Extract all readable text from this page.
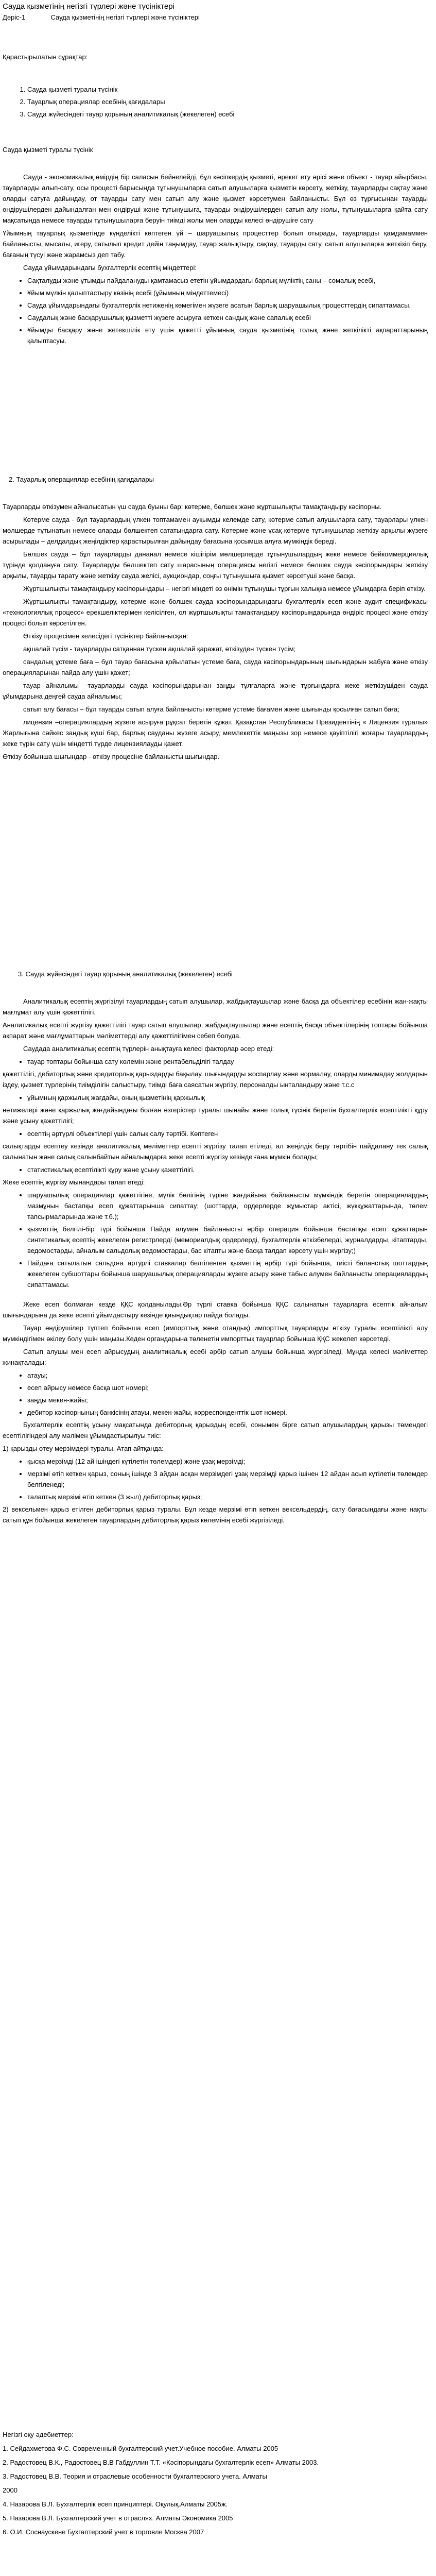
Сауда қызметінің негізгі түрлері және түсініктері
Дәріс-1	Сауда қызметінің негізгі түрлері және түсініктері

Қарастырылатын сұрақтар:

1. Сауда қызметі туралы түсінік
2. Тауарлық операциялар есебінің қағидалары
3. Сауда жүйесіндегі тауар қорының аналитикалық (жекелеген) есебі

Сауда қызметі туралы түсінік

Сауда - экономикалық өмірдің бір саласын бейнелейді, бұл кәсіпкердің қызметі, әрекет ету әрісі және объект - тауар айырбасы, тауарларды алып-сату, осы процесті барысында тұтынушыларға сатып алушыларға қызметін көрсету, жеткізу, тауарларды сақтау және оларды сатуға дайындау, от тауарды сату мен сатып алу және қызмет көрсетумен байланысты. Бұл өз тұрғысынан тауарды өндірушілерден дайындалған мен өндіруші және тұтынушыға, тауарды өндірушілерден сатып алу жолы, тұтынушыларға қайта сату мақсатында немесе тауарды тұтынушыларға беруін тиімді жолы мен оларды келесі өндірушіге сату

Үйымның тауарлық қызметінде күнделікті көптеген үй – шаруашылық процесттер болып отырады, тауарларды қамдамаммен байланысты, мысалы, игеру, сатылып кредит дейін таңымдау, тауар жалықтыру, сақтау, тауарды сату, сатып алушыларға жеткізіп беру, бағаның түсуі және жарамсыз деп табу.

Сауда ұйымдарындағы бухгалтерлік есептің міндеттері:

• Сақталуды және ұтымды пайдалануды қамтамасыз ететін ұйымдардағы барлық мүліктің саны – сомалық есебі,
• Ұйым мүлкін қалыптастыру көзінің есебі (ұйымның міндеттемесі)
• Сауда ұйымдарындағы бухгалтерлік нетиженің көмегімен жүзеге асатын барлық шаруашылық процесттердің сипаттамасы.
• Саудалық және басқарушылық қызметті жүзеге асыруға кеткен сандық және сапалық есебі
• Ұйымды басқару және жетекшілік ету үшін қажетті ұйымның сауда қызметінің толық және жеткілікті ақпараттарының қалыптасуы.

2. Тауарлық операциялар есебінің қағидалары

Тауарларды өткізумен айналысатын үш сауда буыны бар: көтерме, бөлшек және жұртшылықты тамақтандыру кәсіпорны.

Көтерме сауда - бұл тауарлардың үлкен топтамамен ауқымды келемде сату, көтерме сатып алушыларға сату, тауарлары үлкен мөлшерде тұтынатын немесе оларды бөлшектеп сататындарға сату. Көтерме және ұсақ көтерме тұтынушылар жеткізу арқылы жүзеге асырылады – делдалдық жеңілдіктер қарастырылған дайындау бағасына қосымша алуға мүмкіндік береді.

Бөлшек сауда – бұл тауарларды дананал немесе кішігірім мөлшерлерде тұтынушылардың жеке немесе бейкоммерциялық түрінде қолдануға сату. Тауарларды бөлшектеп сату шарасының операциясы негізгі немесе бөлшек сауда кәсіпорындары жеткізу арқылы, тауарды тарату және жеткізу сауда желісі, аукциондар, соңғы тұтынушыға қызмет көрсетуші және басқа.

Жұртшылықты тамақтандыру кәсіпорындары – негізгі міндеті өз өнімін тұтынушы тұрғын халықка немесе ұйымдарға беріп өткізу.

Жұртшылықты тамақтандыру, көтерме және бөлшек сауда кәсіпорындарындағы бухгалтерлік есеп және аудит спецификасы «технологиялық процесс» ерекшеліктерімен келісілген, ол жұртшылықты тамақтандыру кәсіпорындарында өндіріс процесі және өткізу процесі болып көрсетілген.

Өткізу процесімен келесідегі түсініктер байланысқан:

ақшалай түсім - тауарларды сатқаннан түскен ақшалай қаражат, өткізуден түскен түсім;

сандалық ұстеме баға – бұл тауар бағасына қойылатын үстеме баға, сауда кәсіпорындарының шығындарын жабуға және өткізу операцияларынан пайда алу үшін қажет;

тауар айналымы –тауарларды сауда кәсіпорындарынан заңды тұлғаларға және тұрғындарға жеке жеткізушіден сауда ұйымдарына деңгей сауда айналымы;

сатып алу бағасы – бұл тауарды сатып алуға байланысты көтерме үстеме бағамен және шығынды қосылған сатып баға;

лицензия –операциялардың жүзеге асыруға рұқсат беретін құжат. Қазақстан Республикасы Президентінің « Лицензия туралы» Жарлығына сәйкес заңдық күші бар, барлық сауданы жүзеге асыру, мемлекеттік маңызы зор немесе қауіптілігі жоғары тауарлардың жеке түрін сату үшін міндетті түрде лицензиялауды қажет.

Өткізу бойынша шығындар - өткізу процесіне байланысты шығындар.

3. Сауда жүйесіндегі тауар қорының аналитикалық (жекелеген) есебі

Аналитикалық есептің жүргізілуі тауарлардың сатып алушылар, жабдықтаушылар және басқа да объектілер есебінің жан-жақты мағлұмат алу үшін қажеттілігі.

Аналитикалық есепті жүргізу қажеттілігі тауар сатып алушылар, жабдықтаушылар және есептің басқа объектілерінің топтары бойынша ақпарат және мағлұматтарын мәліметтерді алу қажеттілігімен себеп болуда.

Саудада аналитикалық есептің түрлерін анықтауға келесі факторлар әсер етеді:

• тауар топтары бойынша сату көлемін және рентабельділігі талдау

қажеттілігі, дебиторлық және кредиторлық қарыздарды бақылау, шығындарды жоспарлау және нормалау, оларды минимадау жолдарын іздеу, қызмет түрлерінің тиімділігін салыстыру, тиімді баға саясатын жүргізу, персоналды ынталандыру және т.с.с

• ұйымның қаржылық жағдайы, оның қызметінің қаржылық

нәтижелері және қаржылық жағдайындағы болған өзгерістер туралы шынайы және толық түсінік беретін бухгалтерлік есептілікті құру және ұсыну қажеттілігі;

• есептің әртүрлі объектілері үшін салық салу тәртібі. Көптеген

салықтарды есептеу кезінде аналитикалық мәліметтер есепті жүргізу талап етіледі, ал жеңілдік беру тәртібін пайдалану тек салық салынатын және салық салынбайтын айналымдарға жеке есепті жүргізу кезінде ғана мүмкін болады;

• статистикалық есептілікті құру және ұсыну қажеттілігі.

Жеке есептің жүргізу мынандары талап етеді:

• шаруашылық операциялар қажеттігіне, мүлік бөлігінің түріне жағдайына байланысты мүмкіндік беретін операциялардың мазмұнын бастапқы есеп құжаттарынша сипаттау; (шоттарда, ордерлерде жұмыстар актісі, жүкқұжаттарында, төлем тапсырмаларында және т.б.);
• қызметтің белгілі-бір түрі бойынша Пайда алумен байланысты әрбір операция бойынша бастапқы есеп құжаттарын синтетикалық есептің жекелеген регистрлерді (мемориалдық ордерлерді, бухгалтерлік өткізбелерді, журналдарды, кітаптарды, ведомостарды, айналым сальдолық ведомостарды, бас кітапты және басқа талдап көрсету үшін жүргізу;)
• Пайдаға сатылатын сальдоға артурлі ставкалар белгіленген қызметтің әрбір түрі бойынша, тиісті баланстық шоттардың жекелеген субшоттары бойынша шаруашылық операцияларды жүзеге асыру және табыс алумен байланысты операциялардың сипаттамасы.

Жеке есеп болмаған кезде ҚҚС қолданылады.Әр түрлі ставка бойынша ҚҚС салынатын тауарларға есептік айналым шығындарына да жеке есепті ұйымдастыру кезінде қиындықтар пайда болады.

Тауар өндірушілер түптеп бойынша есеп (импорттық және отандық) импорттық тауарларды өткізу туралы есептілікті алу мүмкіндігімен өкілеу болу үшін маңызы.Кеден органдарына төленетін импорттық тауарлар бойынша ҚҚС жекелеп көрсетеді.

Сатып алушы мен есеп айрысудың аналитикалық есебі әрбір сатып алушы бойынша жүргізіледі, Мұнда келесі мәліметтер жинақталады:

• атауы;
• есеп айрысу немесе басқа шот номері;
• заңды мекен-жайы;
• дебитор кәсіпорнының банкісінің атауы, мекен-жайы, корреспонденттік шот номері.

Бухгалтерлік есептің ұсыну мақсатында дебиторлық қарыздың есебі, сонымен бірге сатып алушылардың қарызы төмендегі есептілігіндері алу мәлімен ұйымдастырылуы тиіс:

1) қарызды өтеу мерзімдері туралы. Атап айтқанда:

• қысқа мерзімді (12 ай ішіндегі күтілетін төлемдер) және ұзақ мерзімді;
• мерзімі өтіп кеткен қарыз, соның ішінде 3 айдан асқан мерзімдегі ұзақ мерзімді қарыз ішінен 12 айдан асып күтілетін төлемдер белгіленеді;
• талаптық мерзімі өтіп кеткен (3 жыл) дебиторлық қарыз;

2) вексельмен қарыз етілген дебиторлық қарыз туралы. Бұл кезде мерзімі өтіп кеткен вексельдердің, сату бағасындағы және нақты сатып құн бойынша жекелеген тауарлардың дебиторлық қарыз көлемінің есебі жүргізіледі.

Негізгі оқу әдебиеттер:

1. Сейдахметова Ф.С. Современный бухгалтерский учет.Учебное пособие. Алматы 2005

2. Радостовец В.К., Радостовец В.В Габдуллин Т.Т. «Кәсіпорындағы бухгалтерлік есеп» Алматы 2003.

3. Радостовец В.В. Теория и отраслевые особенности бухгалтерского учета. Алматы

2000

4. Назарова В.Л. Бухгалтерлік есеп принциптері. Оқулық.Алматы 2005ж.

5. Назарова В.Л. Бухгалтерский учет в отраслях. Алматы Экономика 2005

6. О.И. Соснаускене Бухгалтерский учет в торговле Москва 2007
